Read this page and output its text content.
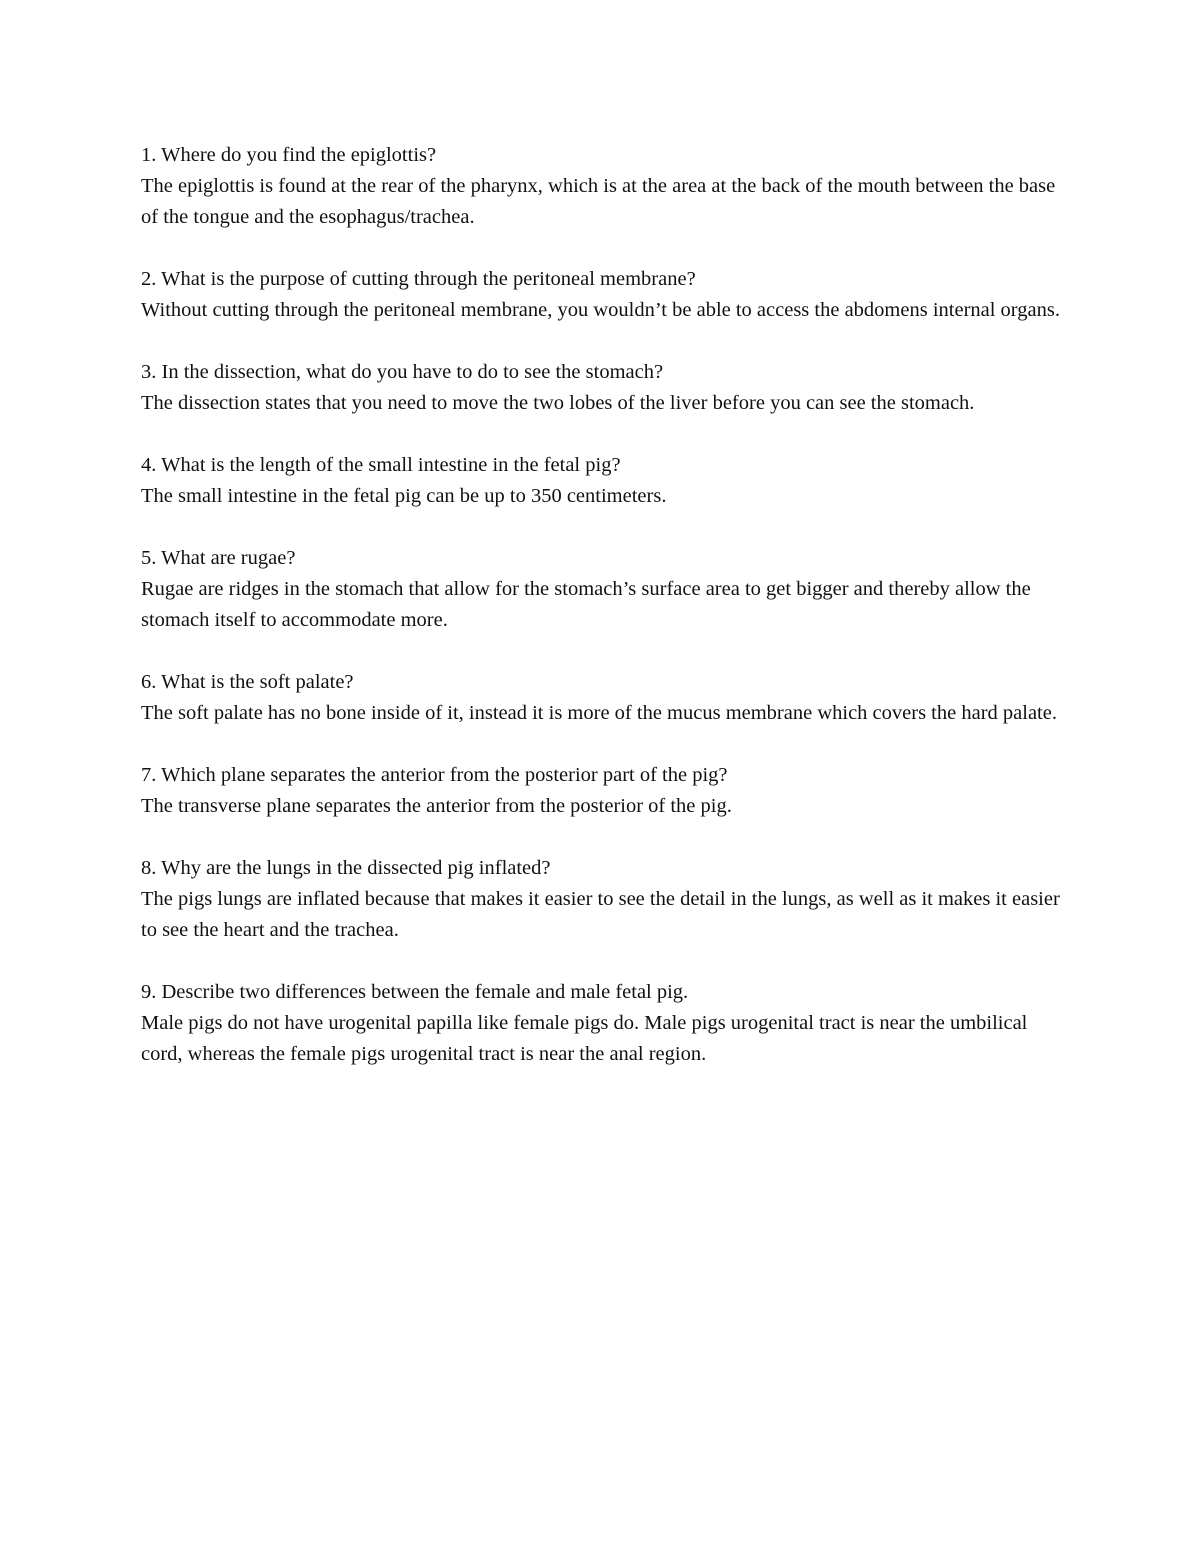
1. Where do you find the epiglottis?

The epiglottis is found at the rear of the pharynx, which is at the area at the back of the mouth between the base of the tongue and the esophagus/trachea.

2. What is the purpose of cutting through the peritoneal membrane?

Without cutting through the peritoneal membrane, you wouldn’t be able to access the abdomens internal organs.

3. In the dissection, what do you have to do to see the stomach?

The dissection states that you need to move the two lobes of the liver before you can see the stomach.

4. What is the length of the small intestine in the fetal pig?

The small intestine in the fetal pig can be up to 350 centimeters.

5. What are rugae?

Rugae are ridges in the stomach that allow for the stomach’s surface area to get bigger and thereby allow the stomach itself to accommodate more.

6. What is the soft palate?

The soft palate has no bone inside of it, instead it is more of the mucus membrane which covers the hard palate.

7. Which plane separates the anterior from the posterior part of the pig?

The transverse plane separates the anterior from the posterior of the pig.

8. Why are the lungs in the dissected pig inflated?

The pigs lungs are inflated because that makes it easier to see the detail in the lungs, as well as it makes it easier to see the heart and the trachea.

9. Describe two differences between the female and male fetal pig.

Male pigs do not have urogenital papilla like female pigs do. Male pigs urogenital tract is near the umbilical cord, whereas the female pigs urogenital tract is near the anal region.
